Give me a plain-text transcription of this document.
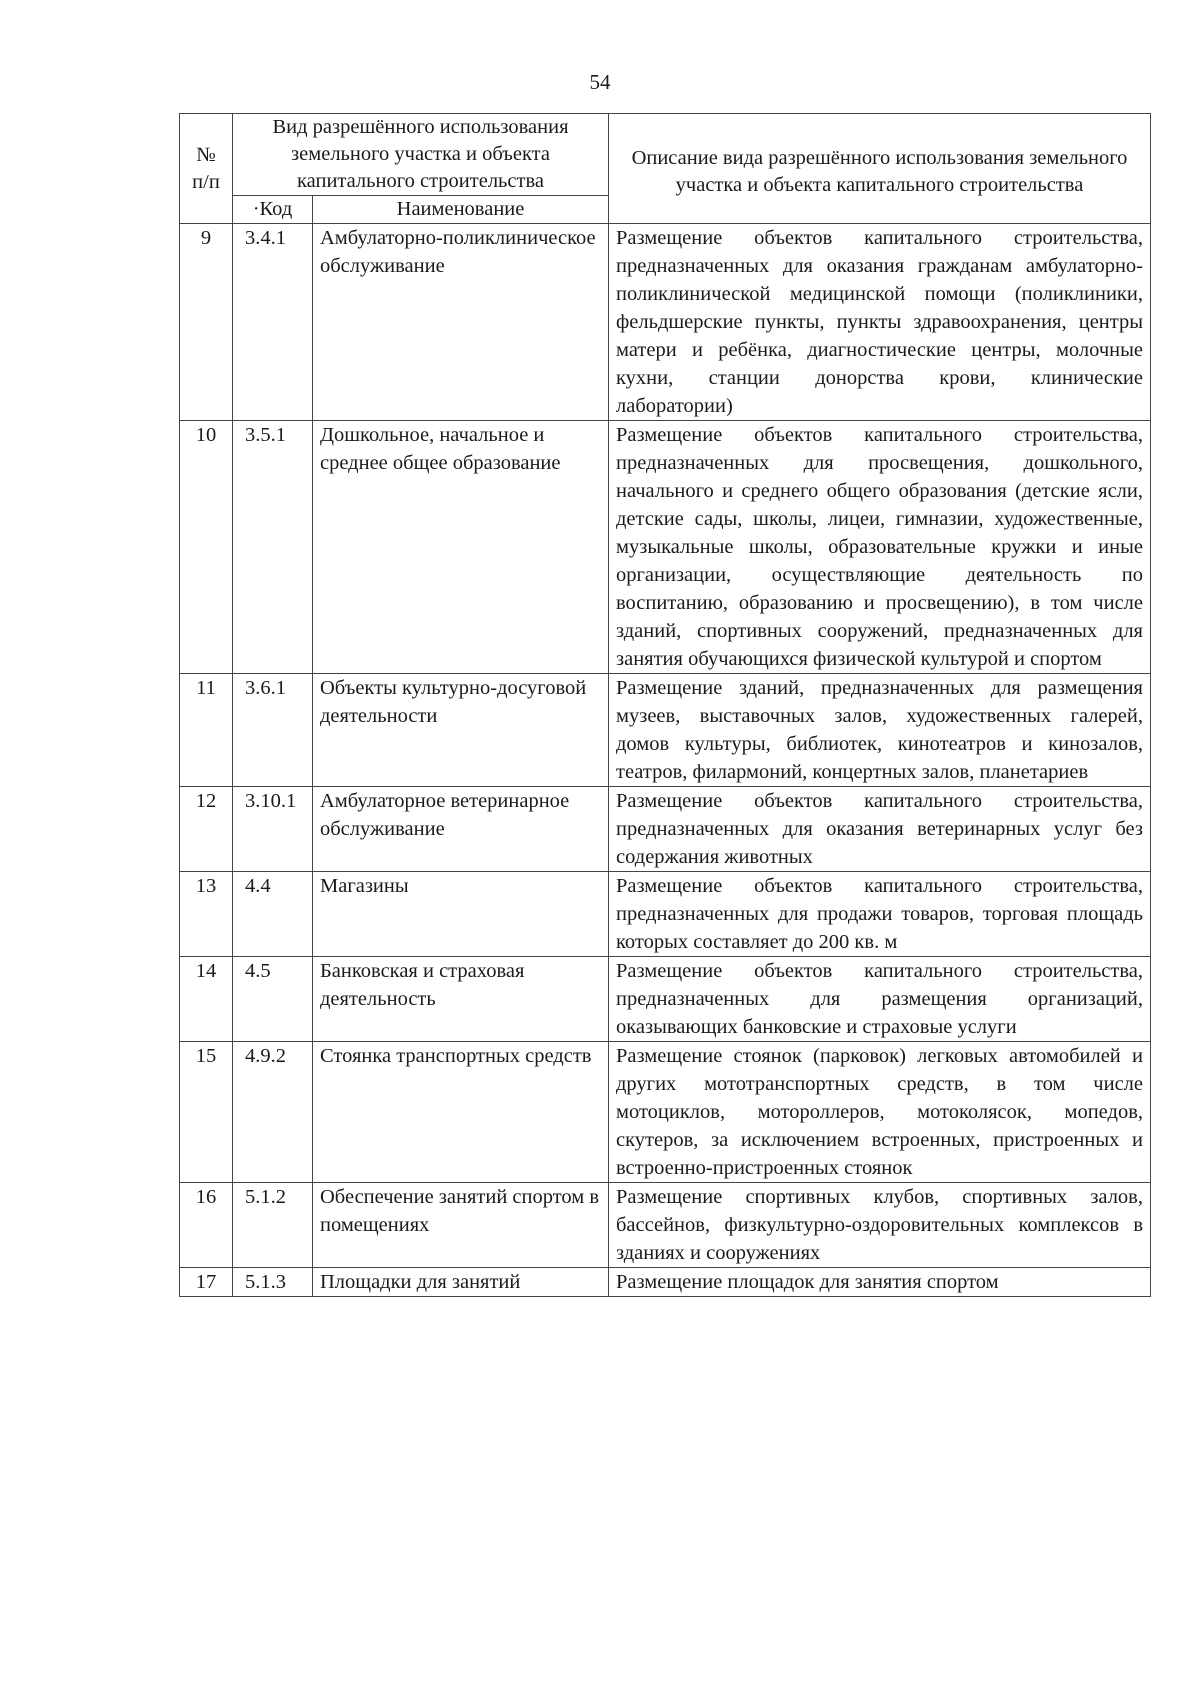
54
№ п/п	Вид разрешённого использования земельного участка и объекта капитального строительства		Описание вида разрешённого использования земельного участка и объекта капитального строительства
	·Код	Наименование	
9	3.4.1	Амбулаторно-поликлиническое обслуживание	Размещение объектов капитального строительства, предназначенных для оказания гражданам амбулаторно-поликлинической медицинской помощи (поликлиники, фельдшерские пункты, пункты здравоохранения, центры матери и ребёнка, диагностические центры, молочные кухни, станции донорства крови, клинические лаборатории)
10	3.5.1	Дошкольное, начальное и среднее общее образование	Размещение объектов капитального строительства, предназначенных для просвещения, дошкольного, начального и среднего общего образования (детские ясли, детские сады, школы, лицеи, гимназии, художественные, музыкальные школы, образовательные кружки и иные организации, осуществляющие деятельность по воспитанию, образованию и просвещению), в том числе зданий, спортивных сооружений, предназначенных для занятия обучающихся физической культурой и спортом
11	3.6.1	Объекты культурно-досуговой деятельности	Размещение зданий, предназначенных для размещения музеев, выставочных залов, художественных галерей, домов культуры, библиотек, кинотеатров и кинозалов, театров, филармоний, концертных залов, планетариев
12	3.10.1	Амбулаторное ветеринарное обслуживание	Размещение объектов капитального строительства, предназначенных для оказания ветеринарных услуг без содержания животных
13	4.4	Магазины	Размещение объектов капитального строительства, предназначенных для продажи товаров, торговая площадь которых составляет до 200 кв. м
14	4.5	Банковская и страховая деятельность	Размещение объектов капитального строительства, предназначенных для размещения организаций, оказывающих банковские и страховые услуги
15	4.9.2	Стоянка транспортных средств	Размещение стоянок (парковок) легковых автомобилей и других мототранспортных средств, в том числе мотоциклов, мотороллеров, мотоколясок, мопедов, скутеров, за исключением встроенных, пристроенных и встроенно-пристроенных стоянок
16	5.1.2	Обеспечение занятий спортом в помещениях	Размещение спортивных клубов, спортивных залов, бассейнов, физкультурно-оздоровительных комплексов в зданиях и сооружениях
17	5.1.3	Площадки для занятий	Размещение площадок для занятия спортом
